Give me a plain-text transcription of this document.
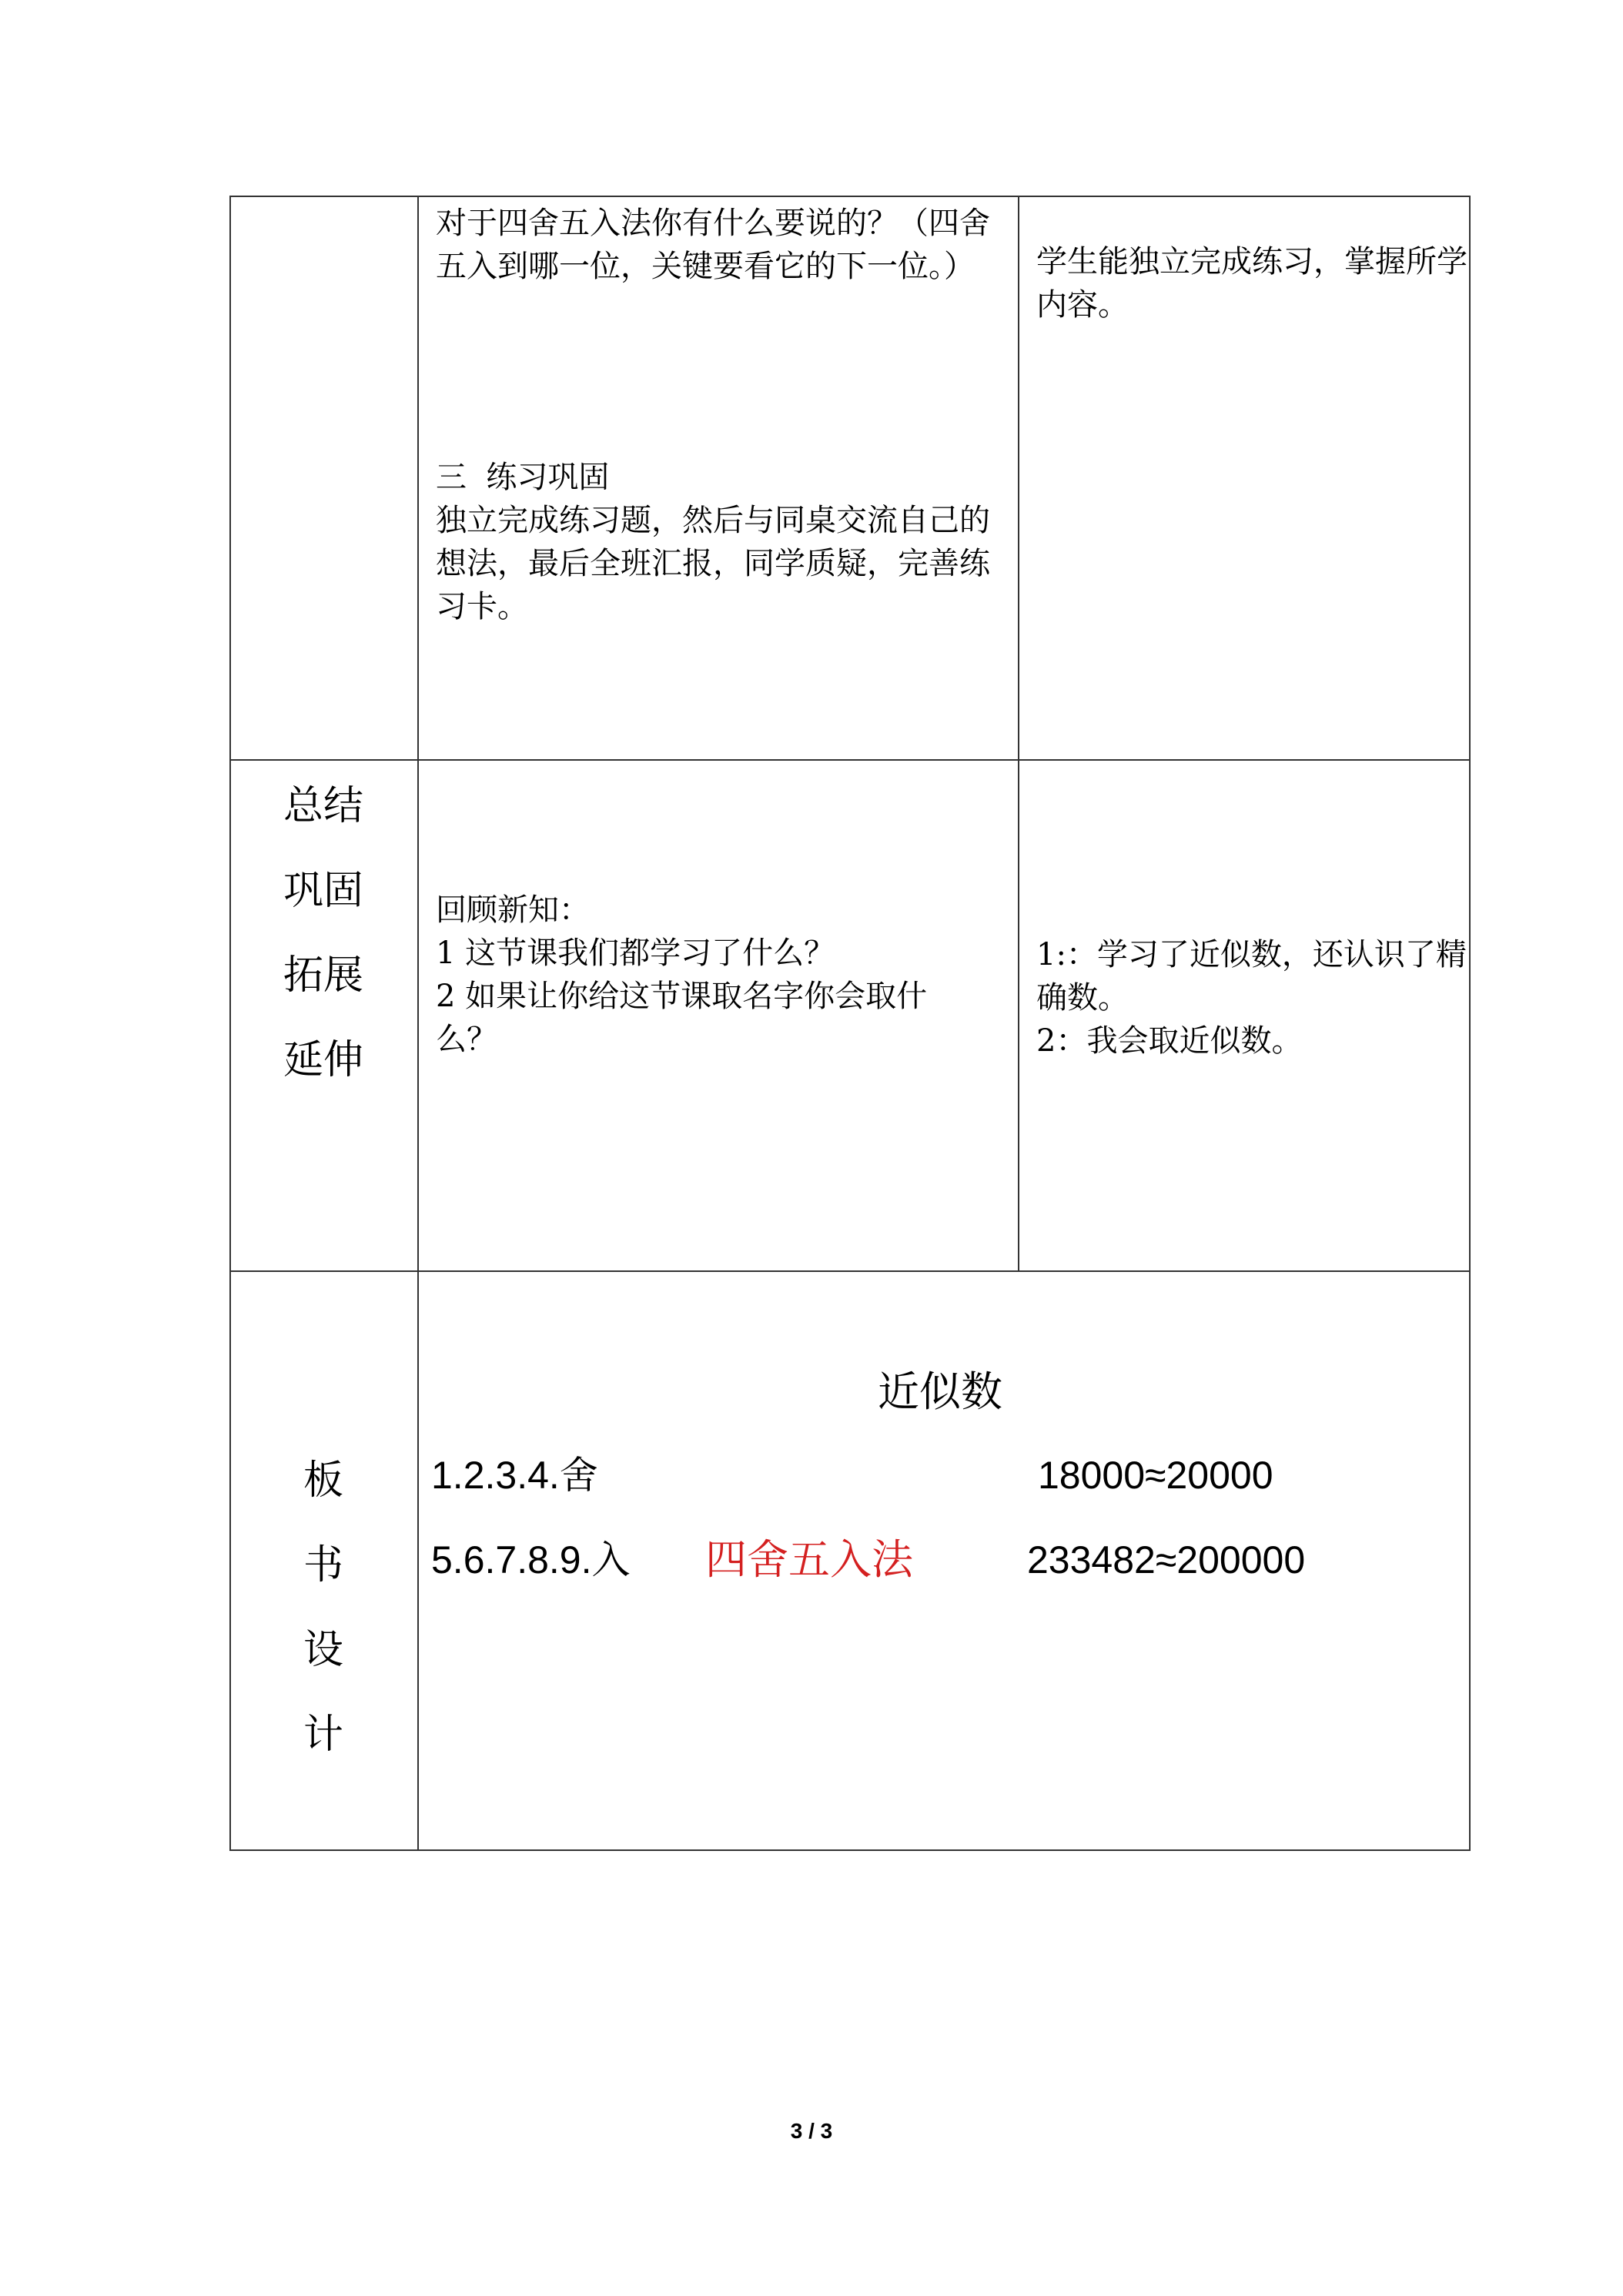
对于四舍五入法你有什么要说的？（四舍五入到哪一位，关键要看它的下一位。）
三  练习巩固
独立完成练习题，然后与同桌交流自己的想法，最后全班汇报，同学质疑，完善练习卡。
学生能独立完成练习，掌握所学内容。
总结
巩固
拓展
延伸
回顾新知：
1 这节课我们都学习了什么？
2 如果让你给这节课取名字你会取什么？
1:：学习了近似数，还认识了精确数。
2：我会取近似数。
板
书
设
计
近似数
1.2.3.4.舍	18000≈20000
5.6.7.8.9.入 四舍五入法	233482≈200000
3 / 3
